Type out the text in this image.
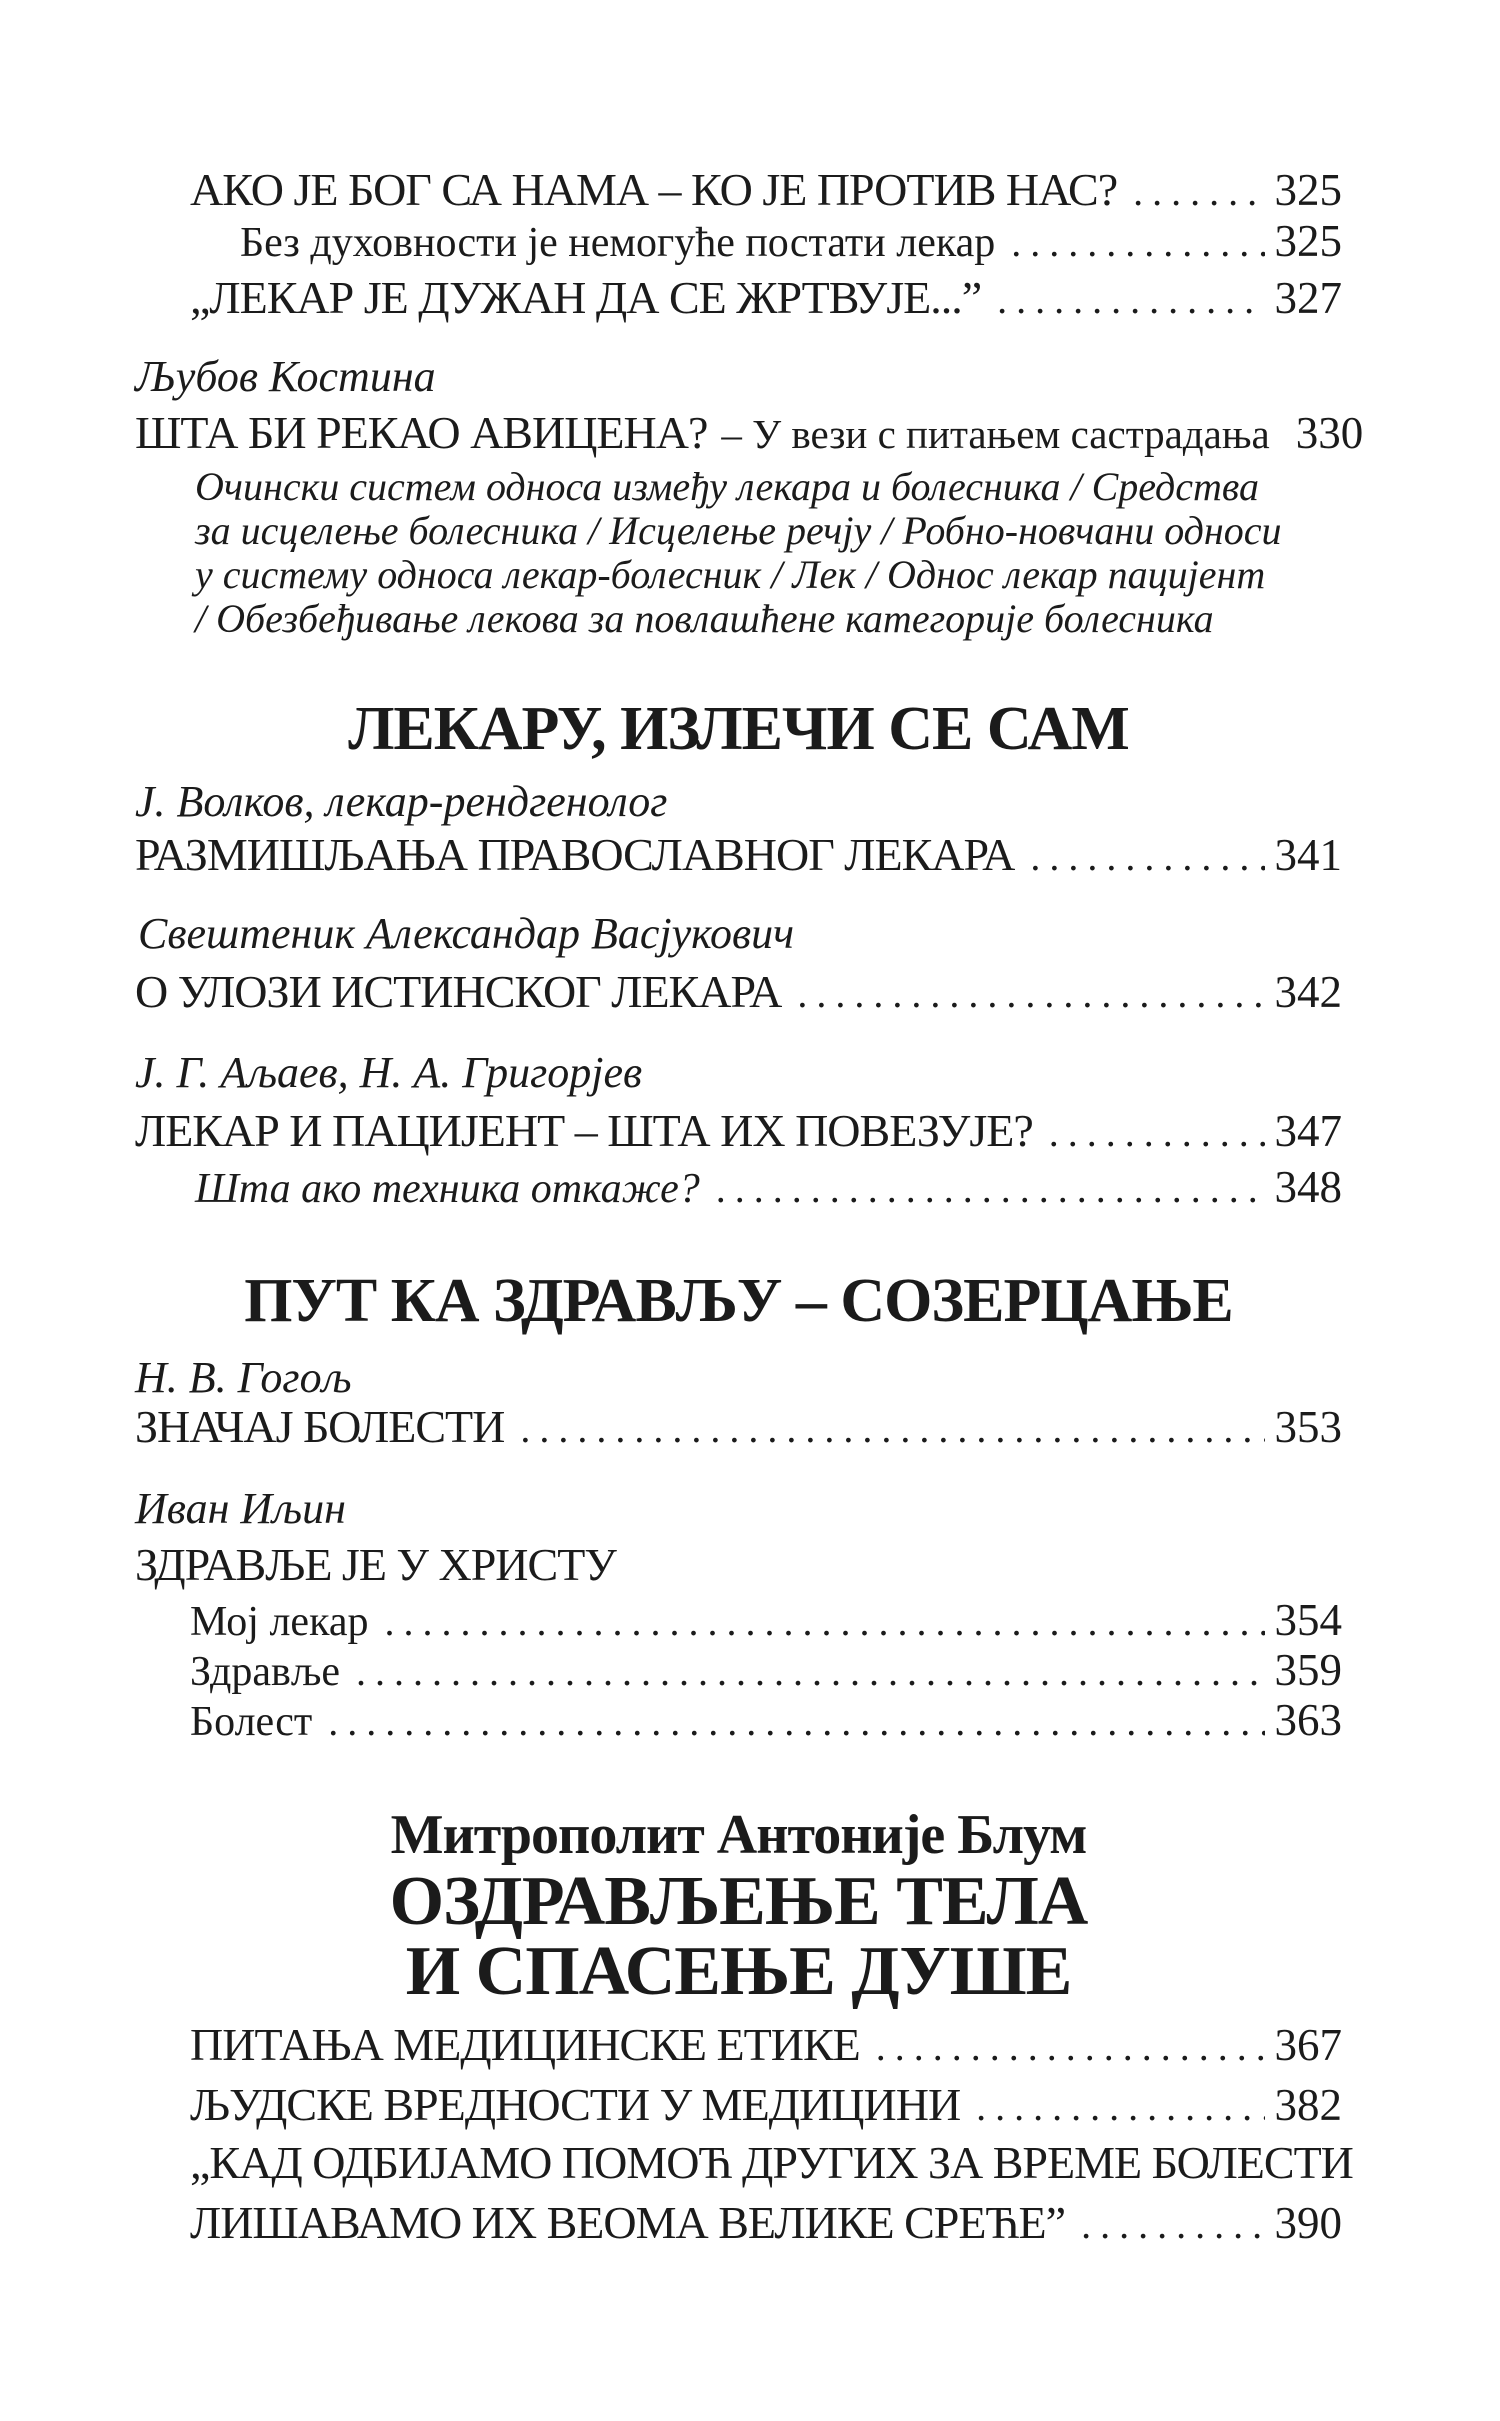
АКО ЈЕ БОГ СА НАМА – КО ЈЕ ПРОТИВ НАС? .....	325
Без духовности је немогуће постати лекар .....	325
„ЛЕКАР ЈЕ ДУЖАН ДА СЕ ЖРТВУЈЕ...” .....	327
Љубов Костина
ШТА БИ РЕКАО АВИЦЕНА? – У вези с питањем састрадања 330
Очински систем односа између лекара и болесника / Средства
за исцелење болесника / Исцелење речју / Робно-новчани односи
у систему односа лекар-болесник / Лек / Однос лекар пацијент
/ Обезбеђивање лекова за повлашћене категорије болесника
ЛЕКАРУ, ИЗЛЕЧИ СЕ САМ
Ј. Волков, лекар-рендгенолог
РАЗМИШЉАЊА ПРАВОСЛАВНОГ ЛЕКАРА .....	341
Свештеник Александар Васјукович
О УЛОЗИ ИСТИНСКОГ ЛЕКАРА .....	342
Ј. Г. Аљаев, Н. А. Григорјев
ЛЕКАР И ПАЦИЈЕНТ – ШТА ИХ ПОВЕЗУЈЕ? .....	347
Шта ако техника откаже? .....	348
ПУТ КА ЗДРАВЉУ – СОЗЕРЦАЊЕ
Н. В. Гогољ
ЗНАЧАЈ БОЛЕСТИ .....	353
Иван Иљин
ЗДРАВЉЕ ЈЕ У ХРИСТУ
Мој лекар .....	354
Здравље .....	359
Болест .....	363
Митрополит Антоније Блум
ОЗДРАВЉЕЊЕ ТЕЛА
И СПАСЕЊЕ ДУШЕ
ПИТАЊА МЕДИЦИНСКЕ ЕТИКЕ .....	367
ЉУДСКЕ ВРЕДНОСТИ У МЕДИЦИНИ .....	382
„КАД ОДБИЈАМО ПОМОЋ ДРУГИХ ЗА ВРЕМЕ БОЛЕСТИ
ЛИШАВАМО ИХ ВЕОМА ВЕЛИКЕ СРЕЋЕ” .....	390
